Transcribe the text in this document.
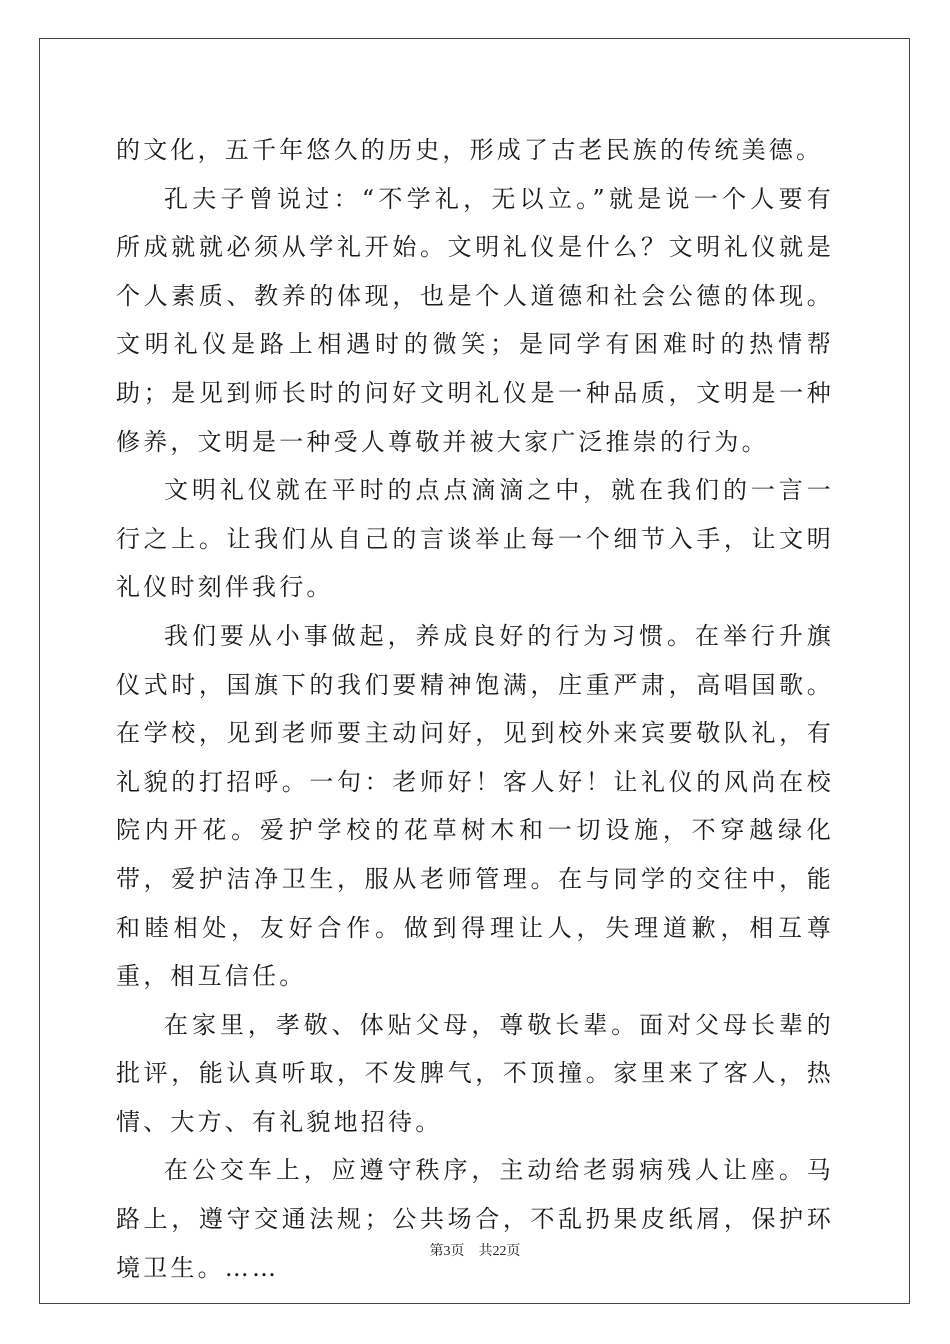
的文化，五千年悠久的历史，形成了古老民族的传统美德。

孔夫子曾说过：“不学礼，无以立。”就是说一个人要有所成就就必须从学礼开始。文明礼仪是什么？文明礼仪就是个人素质、教养的体现，也是个人道德和社会公德的体现。文明礼仪是路上相遇时的微笑；是同学有困难时的热情帮助；是见到师长时的问好文明礼仪是一种品质，文明是一种修养，文明是一种受人尊敬并被大家广泛推崇的行为。

文明礼仪就在平时的点点滴滴之中，就在我们的一言一行之上。让我们从自己的言谈举止每一个细节入手，让文明礼仪时刻伴我行。

我们要从小事做起，养成良好的行为习惯。在举行升旗仪式时，国旗下的我们要精神饱满，庄重严肃，高唱国歌。在学校，见到老师要主动问好，见到校外来宾要敬队礼，有礼貌的打招呼。一句：老师好！客人好！让礼仪的风尚在校院内开花。爱护学校的花草树木和一切设施，不穿越绿化带，爱护洁净卫生，服从老师管理。在与同学的交往中，能和睦相处，友好合作。做到得理让人，失理道歉，相互尊重，相互信任。

在家里，孝敬、体贴父母，尊敬长辈。面对父母长辈的批评，能认真听取，不发脾气，不顶撞。家里来了客人，热情、大方、有礼貌地招待。

在公交车上，应遵守秩序，主动给老弱病残人让座。马路上，遵守交通法规；公共场合，不乱扔果皮纸屑，保护环境卫生。……

第3页　共22页
